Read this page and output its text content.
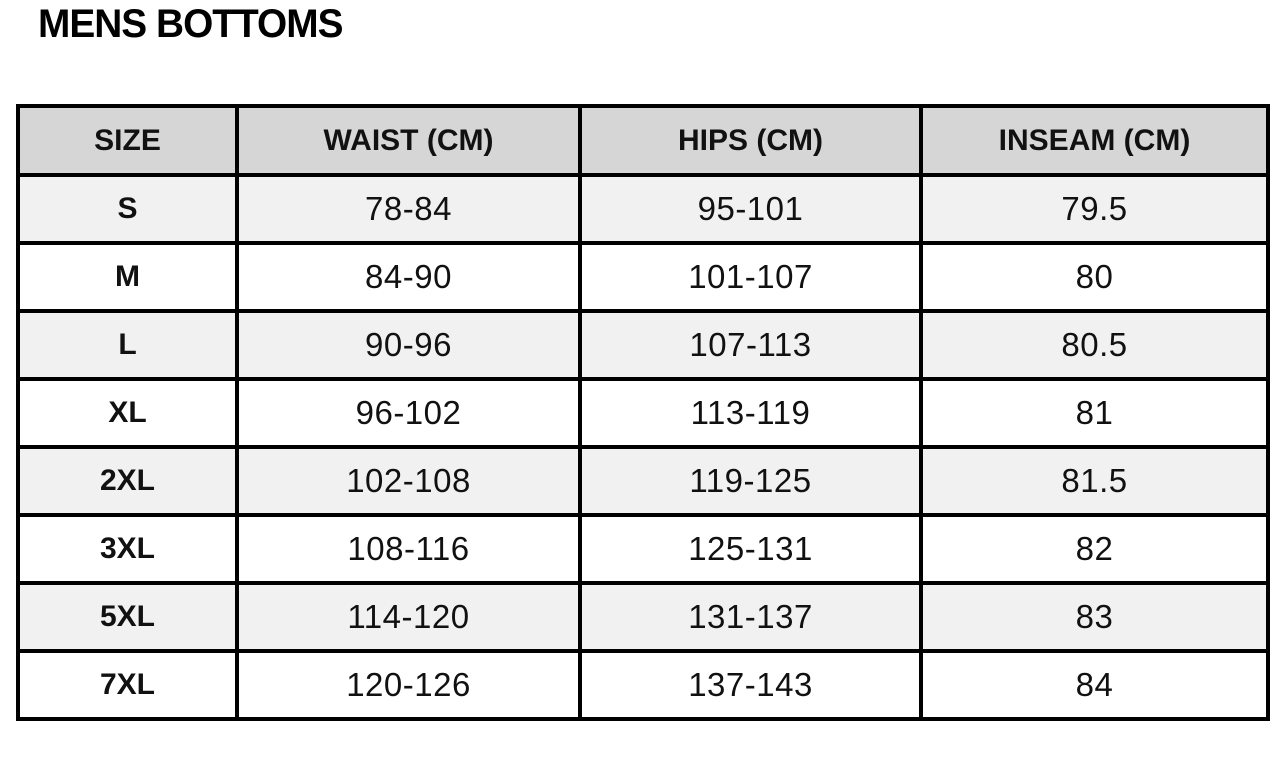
MENS BOTTOMS
SIZE	WAIST (CM)	HIPS (CM)	INSEAM (CM)
S	78-84	95-101	79.5
M	84-90	101-107	80
L	90-96	107-113	80.5
XL	96-102	113-119	81
2XL	102-108	119-125	81.5
3XL	108-116	125-131	82
5XL	114-120	131-137	83
7XL	120-126	137-143	84
